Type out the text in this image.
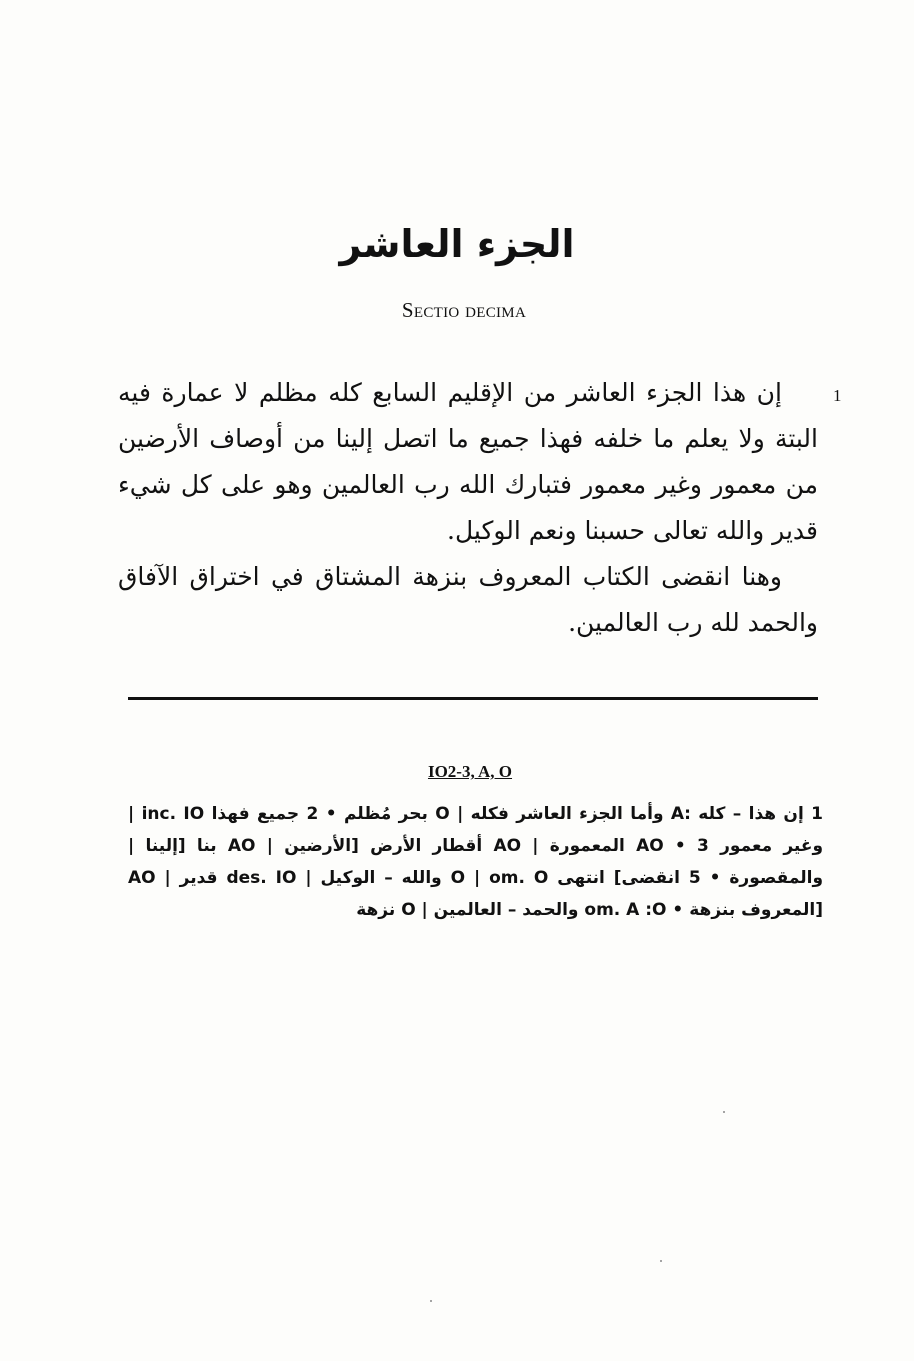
الجزء العاشر
Sectio decima
1

إن هذا الجزء العاشر من الإقليم السابع كله مظلم لا عمارة فيه البتة ولا يعلم ما خلفه فهذا جميع ما اتصل إلينا من أوصاف الأرضين من معمور وغير معمور فتبارك الله رب العالمين وهو على كل شيء قدير والله تعالى حسبنا ونعم الوكيل.

وهنا انقضى الكتاب المعروف بنزهة المشتاق في اختراق الآفاق والحمد لله رب العالمين.

IO2-3, A, O

1 إن هذا – كله :A وأما الجزء العاشر فكله | O بحر مُظلم • 2 جميع فهذا inc. IO | وغير معمور 3 • AO المعمورة | AO أقطار الأرض [الأرضين | AO بنا [إلينا | والمقصورة • 5 انقضى] انتهى O | om. O والله – الوكيل | des. IO قدير | AO [المعروف بنزهة • om. A :O والحمد – العالمين | O نزهة
